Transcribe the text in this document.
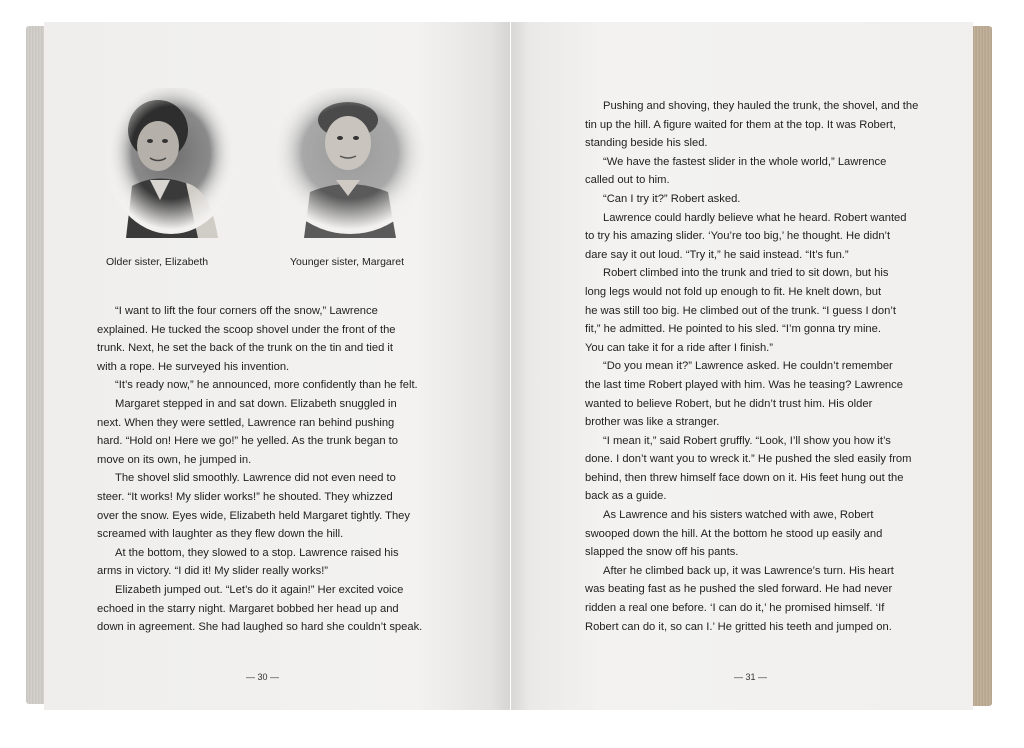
Older sister, Elizabeth	Younger sister, Margaret

“I want to lift the four corners off the snow,” Lawrence

explained. He tucked the scoop shovel under the front of the

trunk. Next, he set the back of the trunk on the tin and tied it

with a rope. He surveyed his invention.

“It’s ready now,” he announced, more confidently than he felt.

Margaret stepped in and sat down. Elizabeth snuggled in

next. When they were settled, Lawrence ran behind pushing

hard. “Hold on! Here we go!” he yelled. As the trunk began to

move on its own, he jumped in.

The shovel slid smoothly. Lawrence did not even need to

steer. “It works! My slider works!” he shouted. They whizzed

over the snow. Eyes wide, Elizabeth held Margaret tightly. They

screamed with laughter as they flew down the hill.

At the bottom, they slowed to a stop. Lawrence raised his

arms in victory. “I did it! My slider really works!”

Elizabeth jumped out. “Let’s do it again!” Her excited voice

echoed in the starry night. Margaret bobbed her head up and

down in agreement. She had laughed so hard she couldn’t speak.

Pushing and shoving, they hauled the trunk, the shovel, and the

tin up the hill. A figure waited for them at the top. It was Robert,

standing beside his sled.

“We have the fastest slider in the whole world,” Lawrence

called out to him.

“Can I try it?” Robert asked.

Lawrence could hardly believe what he heard. Robert wanted

to try his amazing slider. ‘You’re too big,’ he thought. He didn’t

dare say it out loud. “Try it,” he said instead. “It’s fun.”

Robert climbed into the trunk and tried to sit down, but his

long legs would not fold up enough to fit. He knelt down, but

he was still too big. He climbed out of the trunk. “I guess I don’t

fit,” he admitted. He pointed to his sled. “I’m gonna try mine.

You can take it for a ride after I finish.”

“Do you mean it?” Lawrence asked. He couldn’t remember

the last time Robert played with him. Was he teasing? Lawrence

wanted to believe Robert, but he didn’t trust him. His older

brother was like a stranger.

“I mean it,” said Robert gruffly. “Look, I’ll show you how it’s

done. I don’t want you to wreck it.” He pushed the sled easily from

behind, then threw himself face down on it. His feet hung out the

back as a guide.

As Lawrence and his sisters watched with awe, Robert

swooped down the hill. At the bottom he stood up easily and

slapped the snow off his pants.

After he climbed back up, it was Lawrence’s turn. His heart

was beating fast as he pushed the sled forward. He had never

ridden a real one before. ‘I can do it,’ he promised himself. ‘If

Robert can do it, so can I.’ He gritted his teeth and jumped on.

— 30 —	— 31 —
